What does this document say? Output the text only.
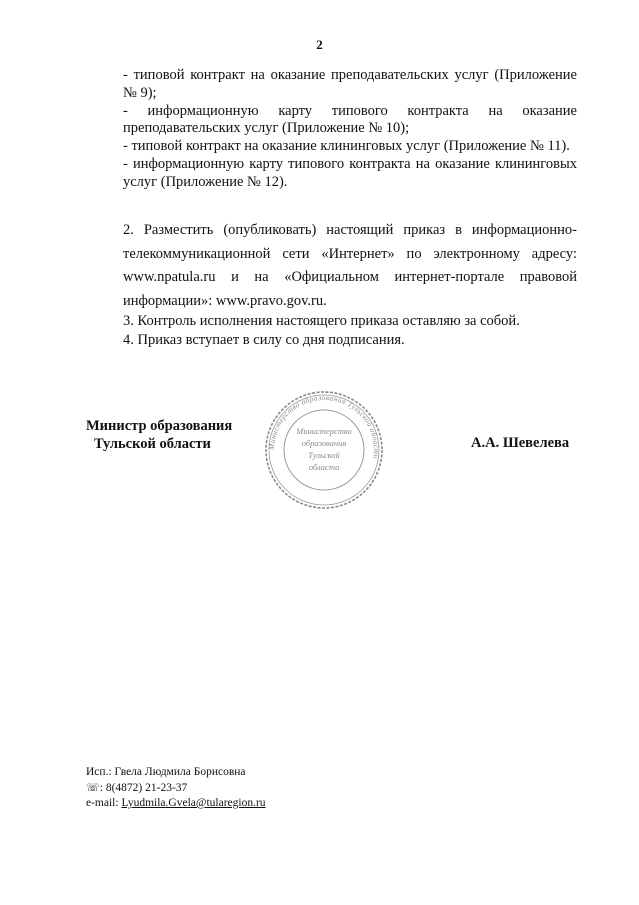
2

- типовой контракт на оказание преподавательских услуг (Приложение № 9);

- информационную карту типового контракта на оказание преподавательских услуг (Приложение № 10);

- типовой контракт на оказание клининговых услуг (Приложение № 11).

- информационную карту типового контракта на оказание клининговых услуг (Приложение № 12).

2. Разместить (опубликовать) настоящий приказ в информационно-телекоммуникационной сети «Интернет» по электронному адресу: www.npatula.ru и на «Официальном интернет-портале правовой информации»: www.pravo.gov.ru.

3. Контроль исполнения настоящего приказа оставляю за собой.

4. Приказ вступает в силу со дня подписания.

Министр образования
Тульской области	Министерство образования Тульской области
Министерство
образования
Тульской
области
А.А. Шевелева
Исп.: Гвела Людмила Борисовна
☏: 8(4872) 21-23-37
e-mail: Lyudmila.Gvela@tularegion.ru
